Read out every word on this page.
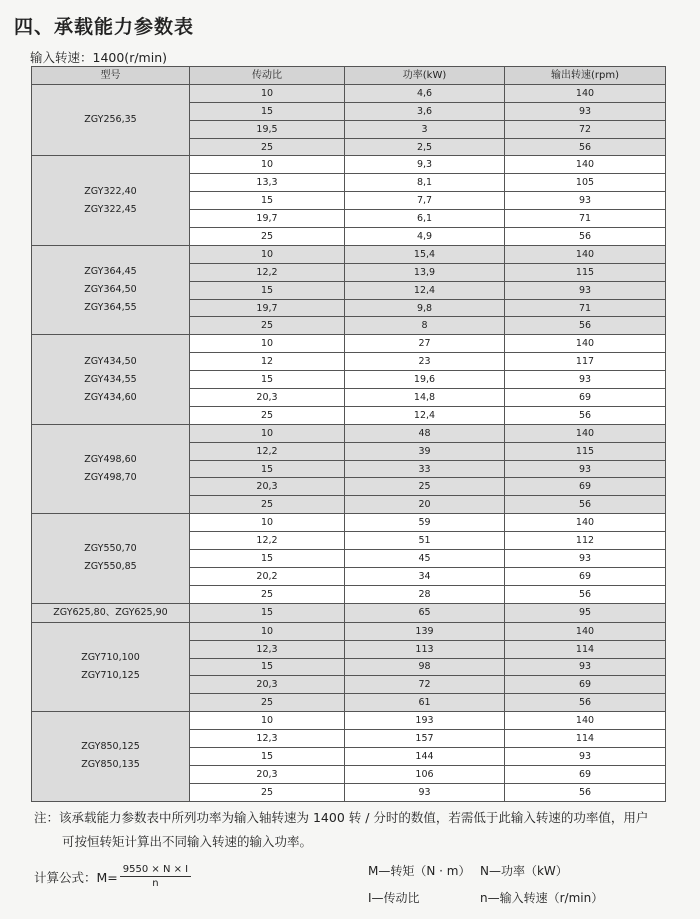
四、承载能力参数表
输入转速：1400(r/min)
型号	传动比	功率(kW)	输出转速(rpm)

ZGY256,35	10	4,6	140
	15	3,6	93
	19,5	3	72
	25	2,5	56

ZGY322,40
ZGY322,45	10	9,3	140
	13,3	8,1	105
	15	7,7	93
	19,7	6,1	71
	25	4,9	56

ZGY364,45
ZGY364,50
ZGY364,55	10	15,4	140
	12,2	13,9	115
	15	12,4	93
	19,7	9,8	71
	25	8	56

ZGY434,50
ZGY434,55
ZGY434,60	10	27	140
	12	23	117
	15	19,6	93
	20,3	14,8	69
	25	12,4	56

ZGY498,60
ZGY498,70	10	48	140
	12,2	39	115
	15	33	93
	20,3	25	69
	25	20	56

ZGY550,70
ZGY550,85	10	59	140
	12,2	51	112
	15	45	93
	20,2	34	69
	25	28	56

ZGY625,80、ZGY625,90	15	65	95

ZGY710,100
ZGY710,125	10	139	140
	12,3	113	114
	15	98	93
	20,3	72	69
	25	61	56

ZGY850,125
ZGY850,135	10	193	140
	12,3	157	114
	15	144	93
	20,3	106	69
	25	93	56
注：该承载能力参数表中所列功率为输入轴转速为 1400 转 / 分时的数值，若需低于此输入转速的功率值，用户
可按恒转矩计算出不同输入转速的输入功率。
计算公式：$M= \frac{9550 \times N \times I}{n}$	M—转矩（N · m） N—功率（kW）
I—传动比	n—输入转速（r/min）
